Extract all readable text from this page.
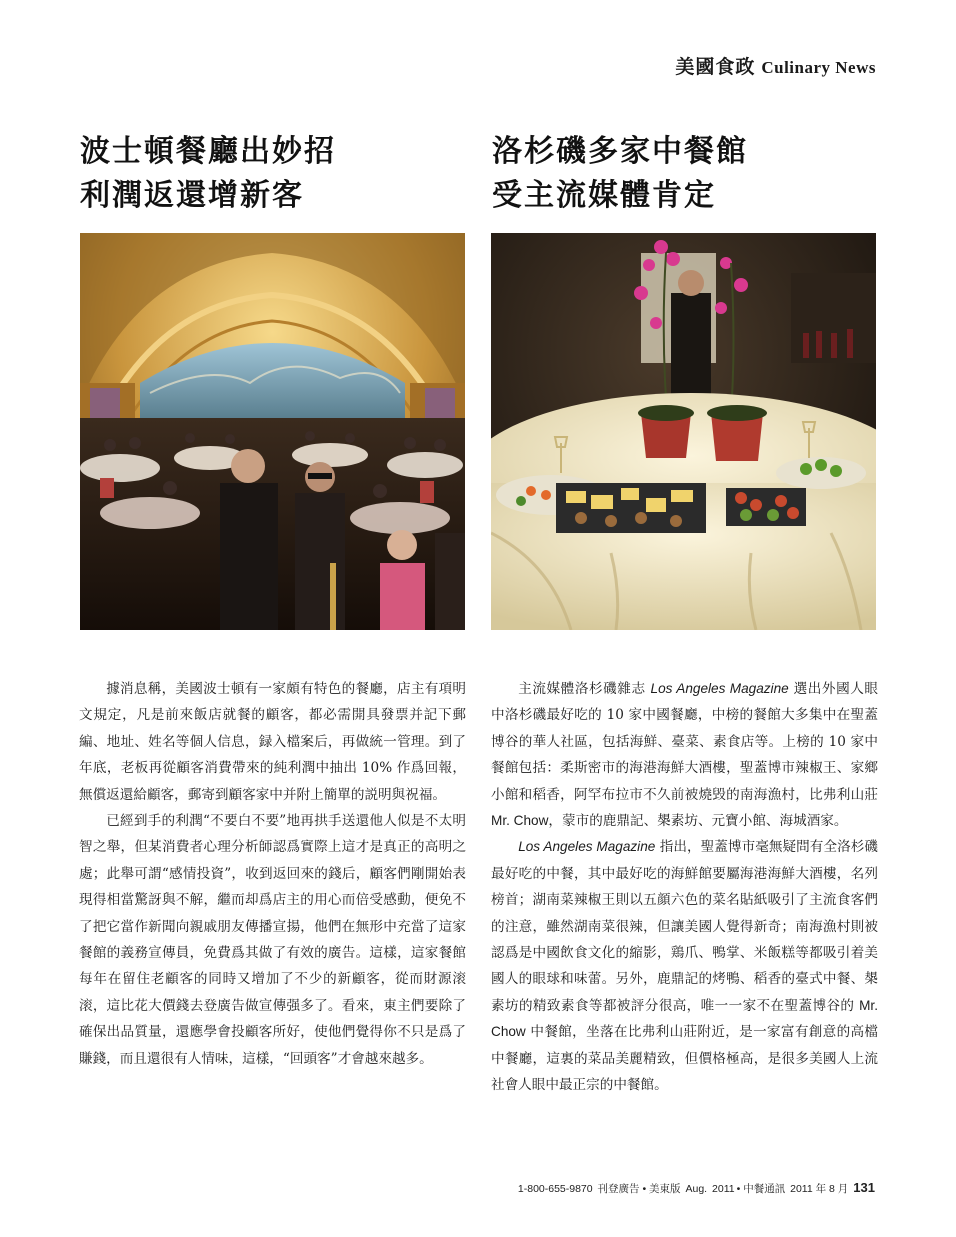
美國食政 Culinary News
波士頓餐廳出妙招
利潤返還增新客
洛杉磯多家中餐館
受主流媒體肯定

據消息稱，美國波士頓有一家頗有特色的餐廳，店主有項明文規定，凡是前來飯店就餐的顧客，都必需開具發票并記下郵編、地址、姓名等個人信息，録入檔案后，再做統一管理。到了年底，老板再從顧客消費帶來的純利潤中抽出 10% 作爲回報，無償返還給顧客，郵寄到顧客家中并附上簡單的説明與祝福。

已經到手的利潤“不要白不要”地再拱手送還他人似是不太明智之舉，但某消費者心理分析師認爲實際上這才是真正的高明之處；此舉可謂“感情投資”，收到返回來的錢后，顧客們剛開始表現得相當驚訝與不解，繼而却爲店主的用心而倍受感動，便免不了把它當作新聞向親戚朋友傳播宣揚，他們在無形中充當了這家餐館的義務宣傳員，免費爲其做了有效的廣告。這樣，這家餐館每年在留住老顧客的同時又增加了不少的新顧客，從而財源滚滚，這比花大價錢去登廣告做宣傳强多了。看來，東主們要除了確保出品質量，還應學會投顧客所好，使他們覺得你不只是爲了賺錢，而且還很有人情味，這樣，“回頭客”才會越來越多。

主流媒體洛杉磯雜志 Los Angeles Magazine 選出外國人眼中洛杉磯最好吃的 10 家中國餐廳，中榜的餐館大多集中在聖蓋博谷的華人社區，包括海鮮、臺菜、素食店等。上榜的 10 家中餐館包括：柔斯密市的海港海鮮大酒樓，聖蓋博市辣椒王、家鄉小館和稻香，阿罕布拉市不久前被燒毁的南海漁村，比弗利山莊 Mr. Chow，蒙市的鹿鼎記、槼素坊、元寶小館、海城酒家。

Los Angeles Magazine 指出，聖蓋博市毫無疑問有全洛杉磯最好吃的中餐，其中最好吃的海鮮館要屬海港海鮮大酒樓，名列榜首；湖南菜辣椒王則以五顔六色的菜名貼紙吸引了主流食客們的注意，雖然湖南菜很辣，但讓美國人覺得新奇；南海漁村則被認爲是中國飲食文化的縮影，鶏爪、鴨掌、米飯糕等都吸引着美國人的眼球和味蕾。另外，鹿鼎記的烤鴨、稻香的臺式中餐、槼素坊的精致素食等都被評分很高，唯一一家不在聖蓋博谷的 Mr. Chow 中餐館，坐落在比弗利山莊附近，是一家富有創意的高檔中餐廳，這裏的菜品美麗精致，但價格極高，是很多美國人上流社會人眼中最正宗的中餐館。

1-800-655-9870 刊登廣告 • 美東版 Aug. 2011 • 中餐通訊 2011 年 8 月 131
